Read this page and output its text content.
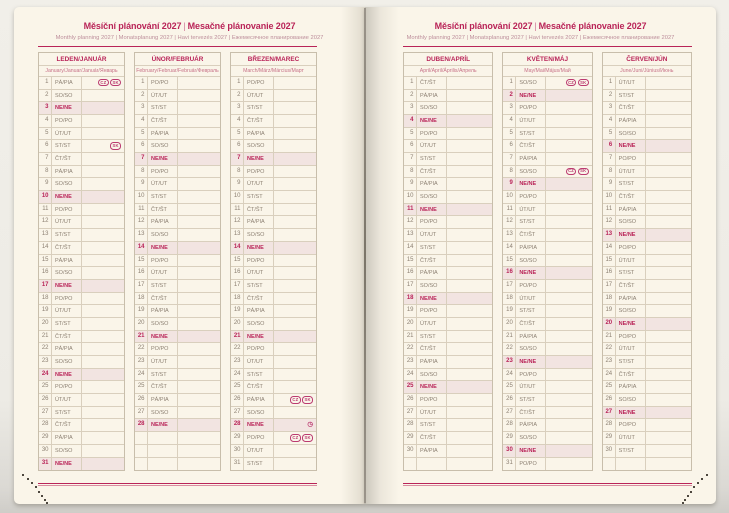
Měsíční plánování 2027 | Mesačné plánovanie 2027
Monthly planning 2027 | Monatsplanung 2027 | Havi tervezés 2027 | Ежемесячное планирование 2027
LEDEN/JANUÁR
January/Januar/Január/Январь
1	PÁ/PIA	CZ	SK
2	SO/SO
3	NE/NE
4	PO/PO
5	ÚT/UT
6	ST/ST	SK
7	ČT/ŠT
8	PÁ/PIA
9	SO/SO
10	NE/NE
11	PO/PO
12	ÚT/UT
13	ST/ST
14	ČT/ŠT
15	PÁ/PIA
16	SO/SO
17	NE/NE
18	PO/PO
19	ÚT/UT
20	ST/ST
21	ČT/ŠT
22	PÁ/PIA
23	SO/SO
24	NE/NE
25	PO/PO
26	ÚT/UT
27	ST/ST
28	ČT/ŠT
29	PÁ/PIA
30	SO/SO
31	NE/NE
ÚNOR/FEBRUÁR
February/Februar/Február/Февраль
1	PO/PO
2	ÚT/UT
3	ST/ST
4	ČT/ŠT
5	PÁ/PIA
6	SO/SO
7	NE/NE
8	PO/PO
9	ÚT/UT
10	ST/ST
11	ČT/ŠT
12	PÁ/PIA
13	SO/SO
14	NE/NE
15	PO/PO
16	ÚT/UT
17	ST/ST
18	ČT/ŠT
19	PÁ/PIA
20	SO/SO
21	NE/NE
22	PO/PO
23	ÚT/UT
24	ST/ST
25	ČT/ŠT
26	PÁ/PIA
27	SO/SO
28	NE/NE
BŘEZEN/MAREC
March/März/Március/Март
1	PO/PO
2	ÚT/UT
3	ST/ST
4	ČT/ŠT
5	PÁ/PIA
6	SO/SO
7	NE/NE
8	PO/PO
9	ÚT/UT
10	ST/ST
11	ČT/ŠT
12	PÁ/PIA
13	SO/SO
14	NE/NE
15	PO/PO
16	ÚT/UT
17	ST/ST
18	ČT/ŠT
19	PÁ/PIA
20	SO/SO
21	NE/NE
22	PO/PO
23	ÚT/UT
24	ST/ST
25	ČT/ŠT
26	PÁ/PIA	CZ	SK
27	SO/SO
28	NE/NE	◷
29	PO/PO	CZ	SK
30	ÚT/UT
31	ST/ST
Měsíční plánování 2027 | Mesačné plánovanie 2027
Monthly planning 2027 | Monatsplanung 2027 | Havi tervezés 2027 | Ежемесячное планирование 2027
DUBEN/APRÍL
April/April/Április/Апрель
1	ČT/ŠT
2	PÁ/PIA
3	SO/SO
4	NE/NE
5	PO/PO
6	ÚT/UT
7	ST/ST
8	ČT/ŠT
9	PÁ/PIA
10	SO/SO
11	NE/NE
12	PO/PO
13	ÚT/UT
14	ST/ST
15	ČT/ŠT
16	PÁ/PIA
17	SO/SO
18	NE/NE
19	PO/PO
20	ÚT/UT
21	ST/ST
22	ČT/ŠT
23	PÁ/PIA
24	SO/SO
25	NE/NE
26	PO/PO
27	ÚT/UT
28	ST/ST
29	ČT/ŠT
30	PÁ/PIA
KVĚTEN/MÁJ
May/Mai/Május/Май
1	SO/SO	CZ	SK
2	NE/NE
3	PO/PO
4	ÚT/UT
5	ST/ST
6	ČT/ŠT
7	PÁ/PIA
8	SO/SO	CZ	SK
9	NE/NE
10	PO/PO
11	ÚT/UT
12	ST/ST
13	ČT/ŠT
14	PÁ/PIA
15	SO/SO
16	NE/NE
17	PO/PO
18	ÚT/UT
19	ST/ST
20	ČT/ŠT
21	PÁ/PIA
22	SO/SO
23	NE/NE
24	PO/PO
25	ÚT/UT
26	ST/ST
27	ČT/ŠT
28	PÁ/PIA
29	SO/SO
30	NE/NE
31	PO/PO
ČERVEN/JÚN
June/Juni/Június/Июнь
1	ÚT/UT
2	ST/ST
3	ČT/ŠT
4	PÁ/PIA
5	SO/SO
6	NE/NE
7	PO/PO
8	ÚT/UT
9	ST/ST
10	ČT/ŠT
11	PÁ/PIA
12	SO/SO
13	NE/NE
14	PO/PO
15	ÚT/UT
16	ST/ST
17	ČT/ŠT
18	PÁ/PIA
19	SO/SO
20	NE/NE
21	PO/PO
22	ÚT/UT
23	ST/ST
24	ČT/ŠT
25	PÁ/PIA
26	SO/SO
27	NE/NE
28	PO/PO
29	ÚT/UT
30	ST/ST
